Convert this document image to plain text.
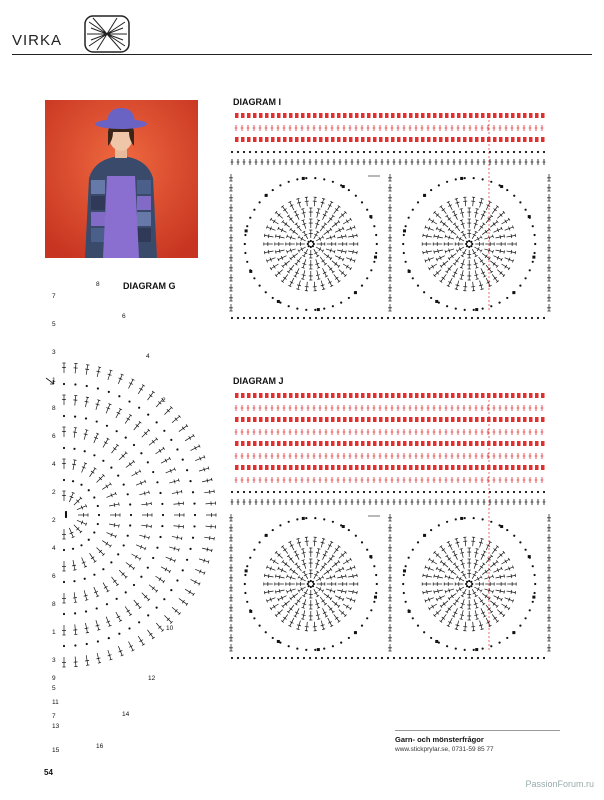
VIRKA
DIAGRAM I
DIAGRAM J
DIAGRAM G
7
5
3
1
8
6
4
2
2
4
6
8
1
3
5
7
8
6
4
2
10
12
14
16
9
11
13
15
Garn- och mönsterfrågor
www.stickprylar.se, 0731-59 85 77
54
PassionForum.ru
